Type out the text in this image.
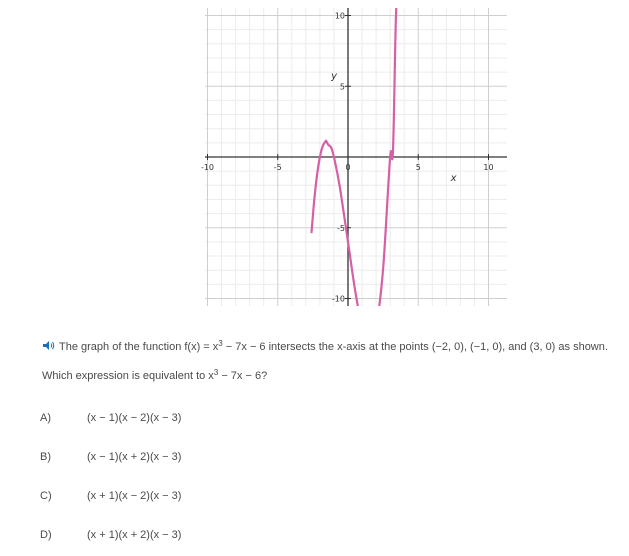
-10	-5	0	5	10
10
5
-5
-10
x
y
The graph of the function $f(x) = x^3 - 7x - 6$ intersects the x-axis at the points (−2, 0), (−1, 0), and (3, 0) as shown.
Which expression is equivalent to $x^3 - 7x - 6$?
A)	(x − 1)(x − 2)(x − 3)
B)	(x − 1)(x + 2)(x − 3)
C)	(x + 1)(x − 2)(x − 3)
D)	(x + 1)(x + 2)(x − 3)
